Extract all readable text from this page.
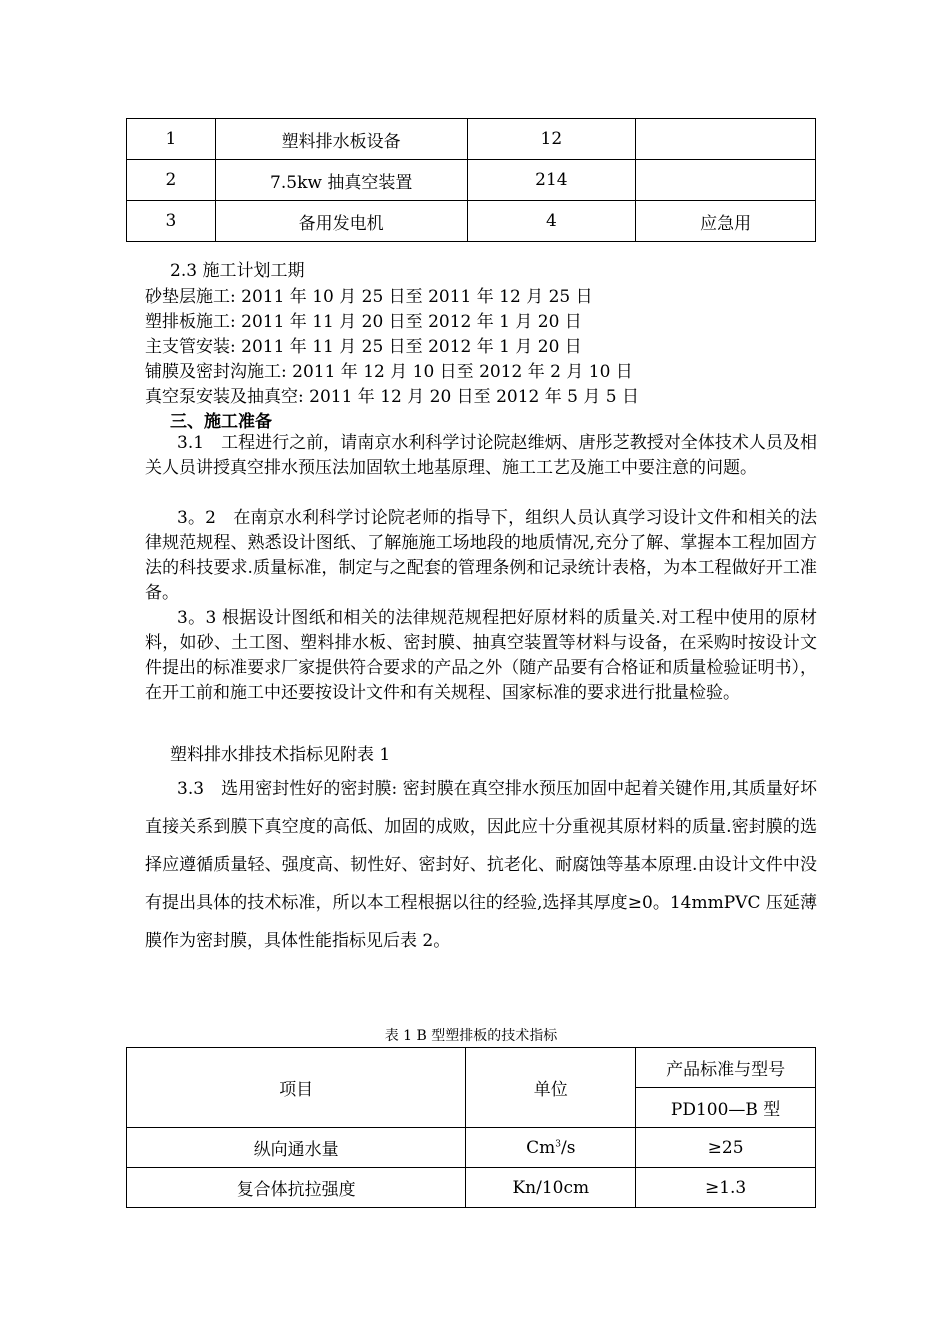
1	塑料排水板设备	12	
2	7.5kw 抽真空装置	214	
3	备用发电机	4	应急用
2.3 施工计划工期
砂垫层施工: 2011 年 10 月 25 日至 2011 年 12 月 25 日
塑排板施工: 2011 年 11 月 20 日至 2012 年 1 月 20 日
主支管安装: 2011 年 11 月 25 日至 2012 年 1 月 20 日
铺膜及密封沟施工: 2011 年 12 月 10 日至 2012 年 2 月 10 日
真空泵安装及抽真空: 2011 年 12 月 20 日至 2012 年 5 月 5 日
三、施工准备
3.1　工程进行之前，请南京水利科学讨论院赵维炳、唐彤芝教授对全体技术人员及相关人员讲授真空排水预压法加固软土地基原理、施工工艺及施工中要注意的问题。
3。2　在南京水利科学讨论院老师的指导下，组织人员认真学习设计文件和相关的法律规范规程、熟悉设计图纸、了解施施工场地段的地质情况,充分了解、掌握本工程加固方法的科技要求.质量标准，制定与之配套的管理条例和记录统计表格，为本工程做好开工准备。
3。3 根据设计图纸和相关的法律规范规程把好原材料的质量关.对工程中使用的原材料，如砂、土工图、塑料排水板、密封膜、抽真空装置等材料与设备，在采购时按设计文件提出的标准要求厂家提供符合要求的产品之外（随产品要有合格证和质量检验证明书），在开工前和施工中还要按设计文件和有关规程、国家标准的要求进行批量检验。
塑料排水排技术指标见附表 1
3.3　选用密封性好的密封膜: 密封膜在真空排水预压加固中起着关键作用,其质量好坏直接关系到膜下真空度的高低、加固的成败，因此应十分重视其原材料的质量.密封膜的选择应遵循质量轻、强度高、韧性好、密封好、抗老化、耐腐蚀等基本原理.由设计文件中没有提出具体的技术标准，所以本工程根据以往的经验,选择其厚度≥0。14mmPVC 压延薄膜作为密封膜，具体性能指标见后表 2。
表 1 B 型塑排板的技术指标
项目	单位	产品标准与型号
		PD100—B 型
纵向通水量	$Cm^3/s$	≥25
复合体抗拉强度	Kn/10cm	≥1.3
